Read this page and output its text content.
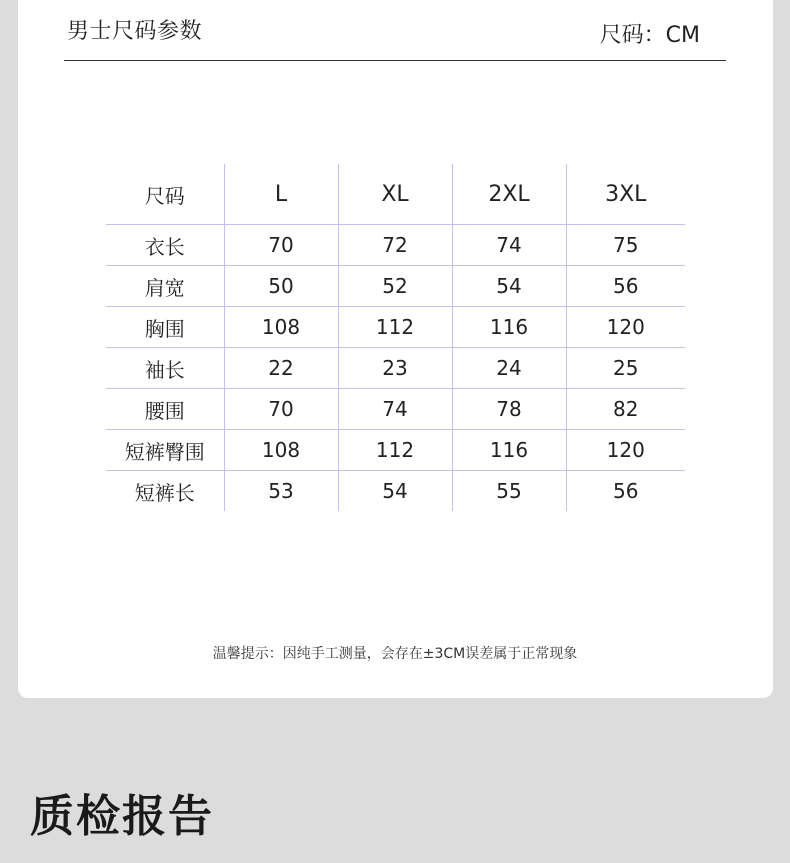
男士尺码参数	尺码：CM
尺码	L	XL	2XL	3XL
衣长	70	72	74	75
肩宽	50	52	54	56
胸围	108	112	116	120
袖长	22	23	24	25
腰围	70	74	78	82
短裤臀围	108	112	116	120
短裤长	53	54	55	56
温馨提示：因纯手工测量，会存在±3CM误差属于正常现象
质检报告
